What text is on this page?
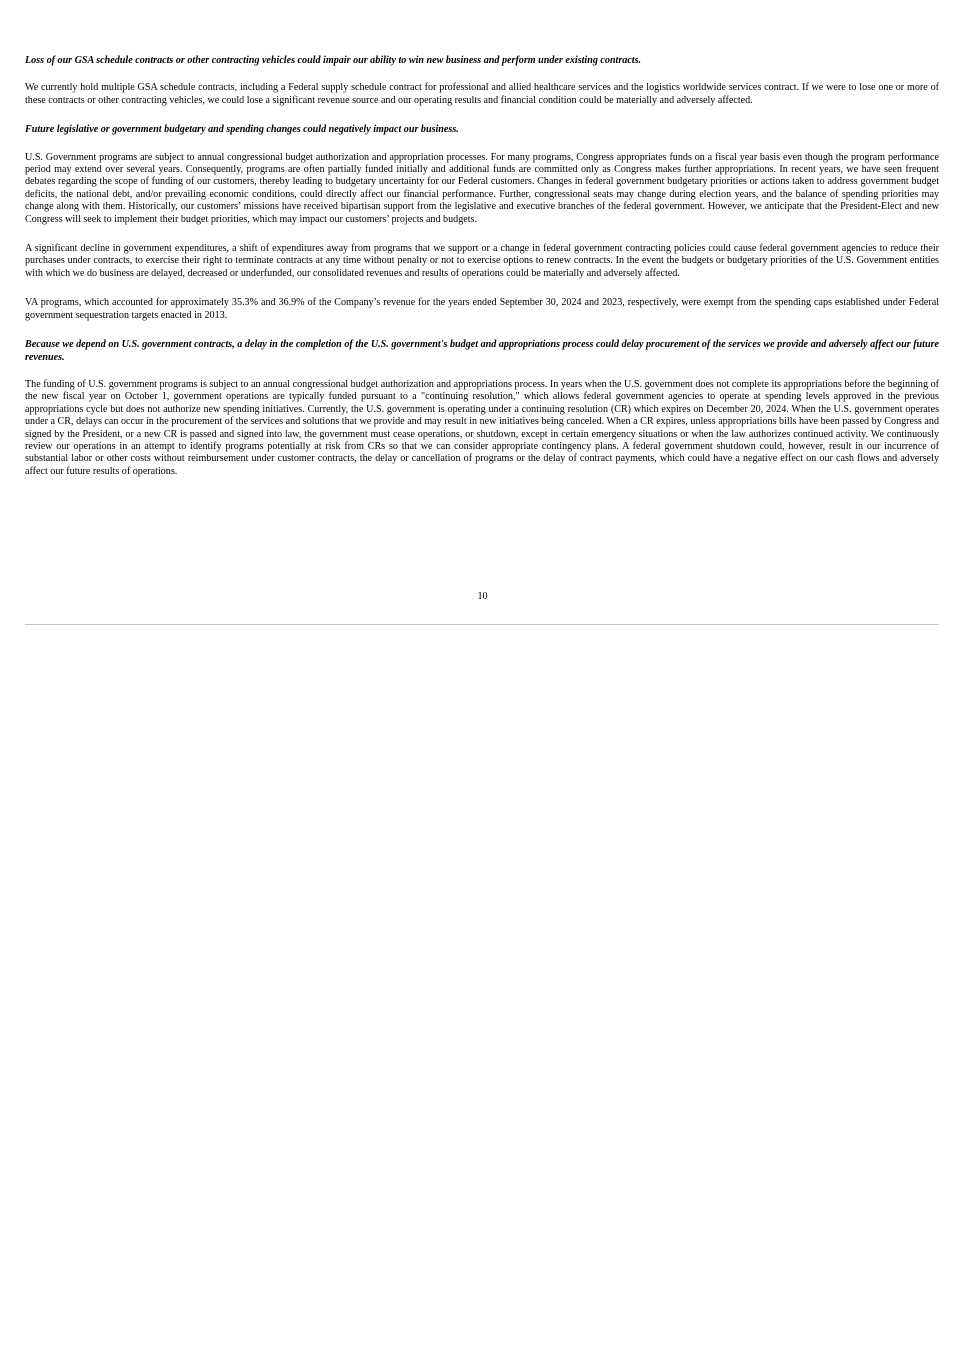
Loss of our GSA schedule contracts or other contracting vehicles could impair our ability to win new business and perform under existing contracts.

We currently hold multiple GSA schedule contracts, including a Federal supply schedule contract for professional and allied healthcare services and the logistics worldwide services contract. If we were to lose one or more of these contracts or other contracting vehicles, we could lose a significant revenue source and our operating results and financial condition could be materially and adversely affected.

Future legislative or government budgetary and spending changes could negatively impact our business.

U.S. Government programs are subject to annual congressional budget authorization and appropriation processes. For many programs, Congress appropriates funds on a fiscal year basis even though the program performance period may extend over several years. Consequently, programs are often partially funded initially and additional funds are committed only as Congress makes further appropriations. In recent years, we have seen frequent debates regarding the scope of funding of our customers, thereby leading to budgetary uncertainty for our Federal customers. Changes in federal government budgetary priorities or actions taken to address government budget deficits, the national debt, and/or prevailing economic conditions, could directly affect our financial performance. Further, congressional seats may change during election years, and the balance of spending priorities may change along with them. Historically, our customers’ missions have received bipartisan support from the legislative and executive branches of the federal government. However, we anticipate that the President-Elect and new Congress will seek to implement their budget priorities, which may impact our customers’ projects and budgets.

A significant decline in government expenditures, a shift of expenditures away from programs that we support or a change in federal government contracting policies could cause federal government agencies to reduce their purchases under contracts, to exercise their right to terminate contracts at any time without penalty or not to exercise options to renew contracts. In the event the budgets or budgetary priorities of the U.S. Government entities with which we do business are delayed, decreased or underfunded, our consolidated revenues and results of operations could be materially and adversely affected.

VA programs, which accounted for approximately 35.3% and 36.9% of the Company’s revenue for the years ended September 30, 2024 and 2023, respectively, were exempt from the spending caps established under Federal government sequestration targets enacted in 2013.

Because we depend on U.S. government contracts, a delay in the completion of the U.S. government's budget and appropriations process could delay procurement of the services we provide and adversely affect our future revenues.

The funding of U.S. government programs is subject to an annual congressional budget authorization and appropriations process. In years when the U.S. government does not complete its appropriations before the beginning of the new fiscal year on October 1, government operations are typically funded pursuant to a "continuing resolution," which allows federal government agencies to operate at spending levels approved in the previous appropriations cycle but does not authorize new spending initiatives. Currently, the U.S. government is operating under a continuing resolution (CR) which expires on December 20, 2024. When the U.S. government operates under a CR, delays can occur in the procurement of the services and solutions that we provide and may result in new initiatives being canceled. When a CR expires, unless appropriations bills have been passed by Congress and signed by the President, or a new CR is passed and signed into law, the government must cease operations, or shutdown, except in certain emergency situations or when the law authorizes continued activity. We continuously review our operations in an attempt to identify programs potentially at risk from CRs so that we can consider appropriate contingency plans. A federal government shutdown could, however, result in our incurrence of substantial labor or other costs without reimbursement under customer contracts, the delay or cancellation of programs or the delay of contract payments, which could have a negative effect on our cash flows and adversely affect our future results of operations.

10
